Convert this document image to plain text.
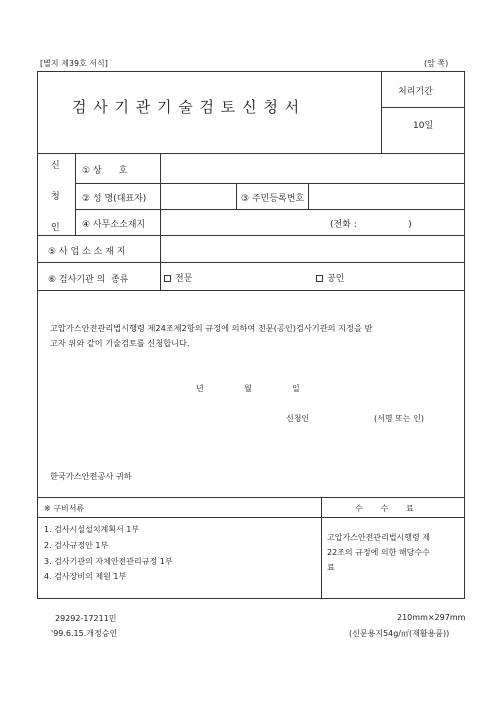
[별지 제39호 서식]	(앞 쪽)
검 사 기 관 기 술 검 토 신 청 서
처리기간
10일
신
청
인
① 상      호
② 성 명(대표자)	③ 주민등록번호
④ 사무소소재지	(전화 :                  )
⑤ 사 업 소 소 재 지
⑥ 검사기관 의  종류	전문	공인
고압가스안전관리법시행령 제24조제2항의 규정에 의하여 전문(공인)검사기관의 지정을 받
고자 위와 같이 기술검토를 신청합니다.
년	월	일
신청인	(서명 또는 인)
한국가스안전공사 귀하
※ 구비서류
1. 검사시설설치계획서 1부
2. 검사규정안 1부
3. 검사기관의 자체안전관리규정 1부
4. 검사장비의 제원 1부
수       수       료
고압가스안전관리법시행령 제
22조의 규정에 의한 해당수수
료
29292-17211민
'99.6.15.개정승인
210mm×297mm
(신문용지54g/㎡(재활용품))
